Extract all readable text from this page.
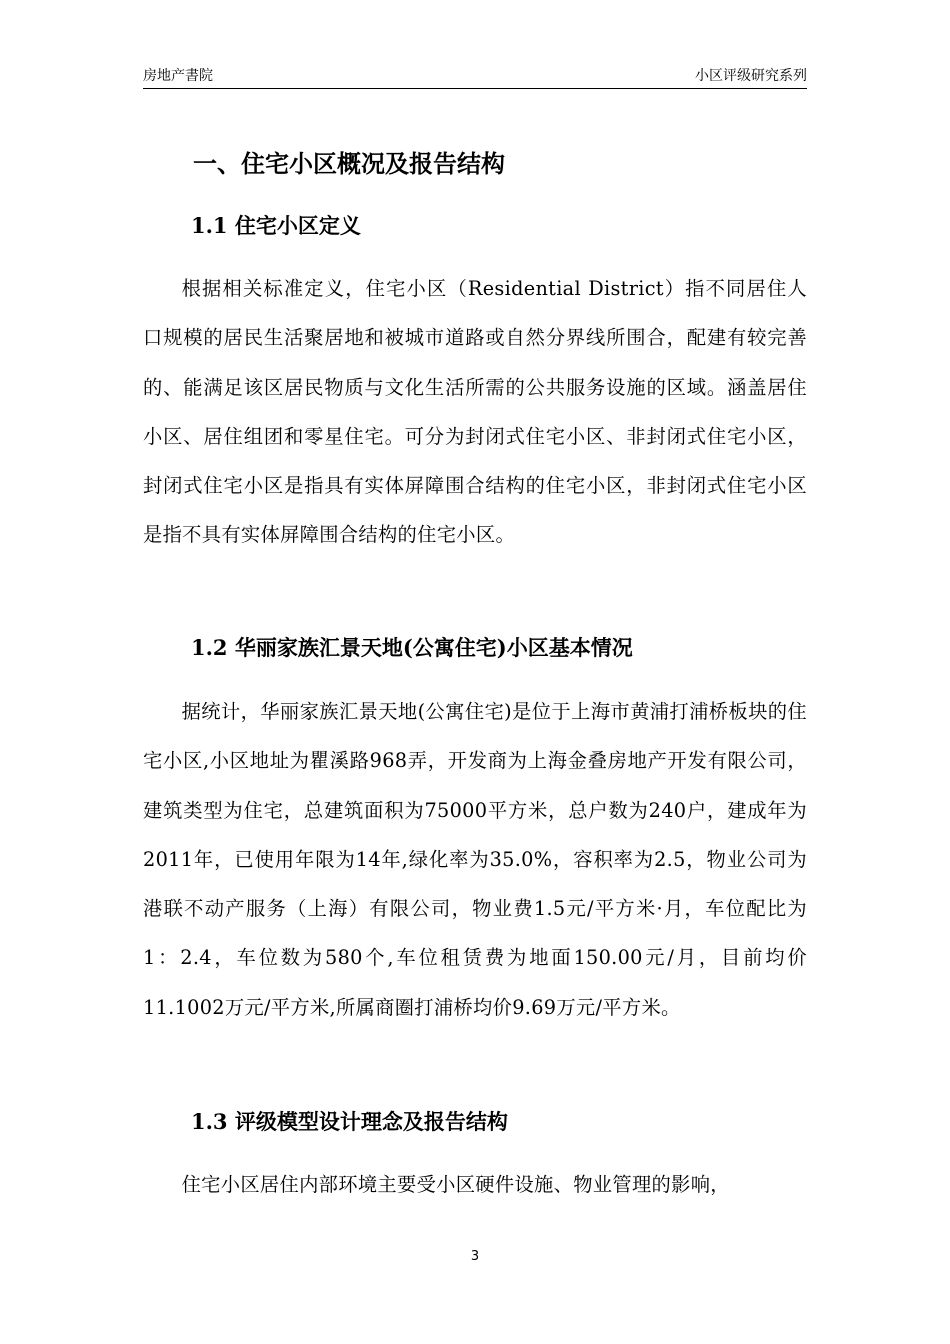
房地产書院	小区评级研究系列
一、住宅小区概况及报告结构
1.1 住宅小区定义
根据相关标准定义，住宅小区（Residential District）指不同居住人口规模的居民生活聚居地和被城市道路或自然分界线所围合，配建有较完善的、能满足该区居民物质与文化生活所需的公共服务设施的区域。涵盖居住小区、居住组团和零星住宅。可分为封闭式住宅小区、非封闭式住宅小区，封闭式住宅小区是指具有实体屏障围合结构的住宅小区，非封闭式住宅小区是指不具有实体屏障围合结构的住宅小区。
1.2 华丽家族汇景天地(公寓住宅)小区基本情况
据统计，华丽家族汇景天地(公寓住宅)是位于上海市黄浦打浦桥板块的住宅小区,小区地址为瞿溪路968弄，开发商为上海金叠房地产开发有限公司，建筑类型为住宅，总建筑面积为75000平方米，总户数为240户，建成年为2011年，已使用年限为14年,绿化率为35.0%，容积率为2.5，物业公司为港联不动产服务（上海）有限公司，物业费1.5元/平方米·月，车位配比为1：2.4，车位数为580个,车位租赁费为地面150.00元/月，目前均价11.1002万元/平方米,所属商圈打浦桥均价9.69万元/平方米。
1.3 评级模型设计理念及报告结构
住宅小区居住内部环境主要受小区硬件设施、物业管理的影响，
3
